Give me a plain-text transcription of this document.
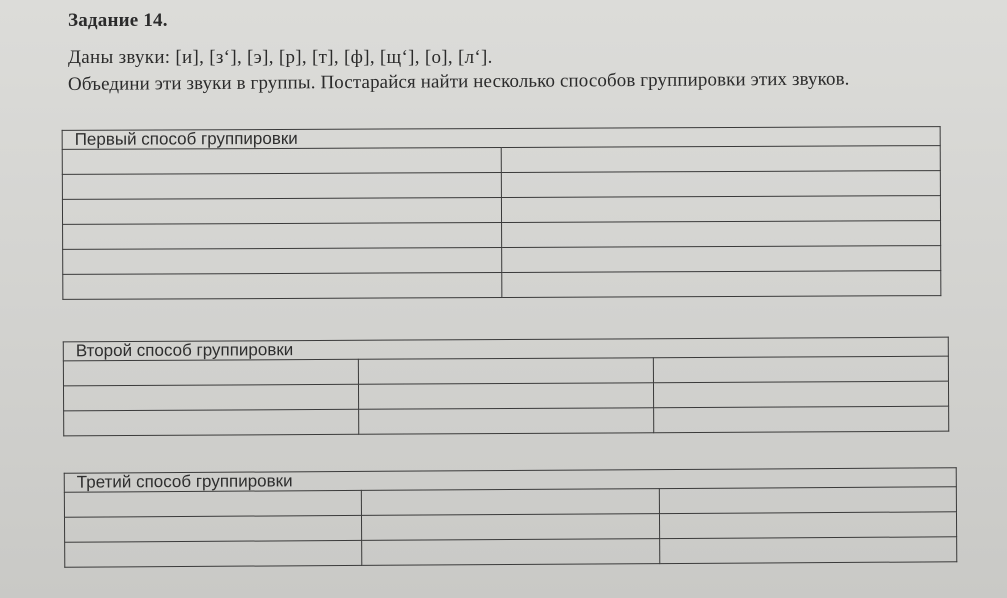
Задание 14.
Даны звуки: [и], [з‘], [э], [р], [т], [ф], [щ‘], [о], [л‘].
Объедини эти звуки в группы. Постарайся найти несколько способов группировки этих звуков.
Первый способ группировки

Второй способ группировки

Третий способ группировки
